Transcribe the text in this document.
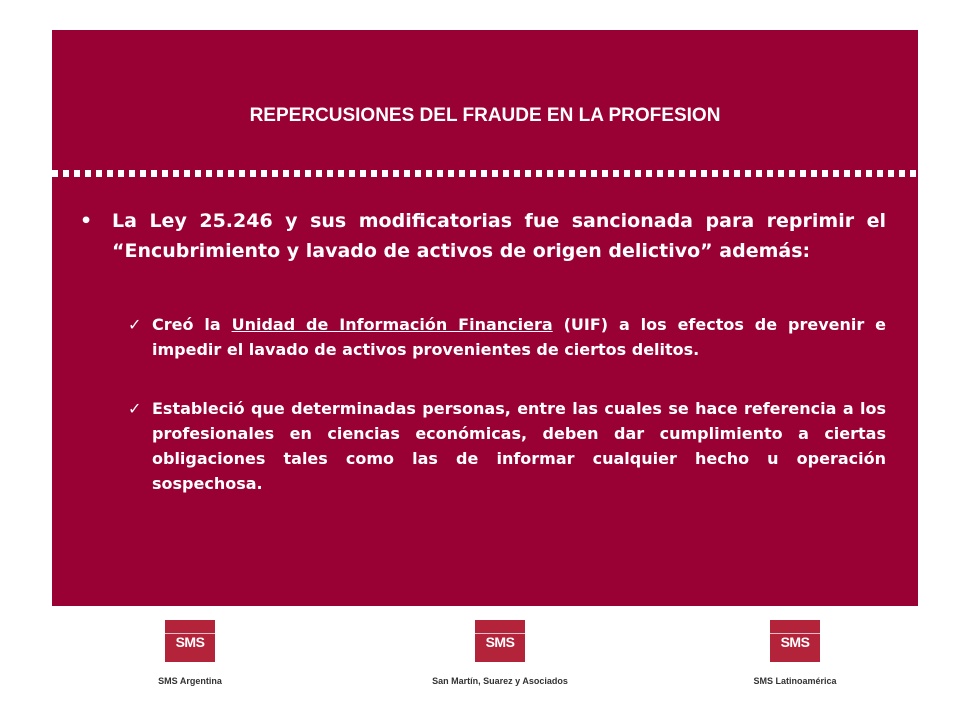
REPERCUSIONES DEL FRAUDE EN LA PROFESION
• La Ley 25.246 y sus modificatorias fue sancionada para reprimir el “Encubrimiento y lavado de activos de origen delictivo” además:
✓ Creó la Unidad de Información Financiera (UIF) a los efectos de prevenir e impedir el lavado de activos provenientes de ciertos delitos.
✓ Estableció que determinadas personas, entre las cuales se hace referencia a los profesionales en ciencias económicas, deben dar cumplimiento a ciertas obligaciones tales como las de informar cualquier hecho u operación sospechosa.
SMS
SMS Argentina
SMS
San Martín, Suarez y Asociados
SMS
SMS Latinoamérica
